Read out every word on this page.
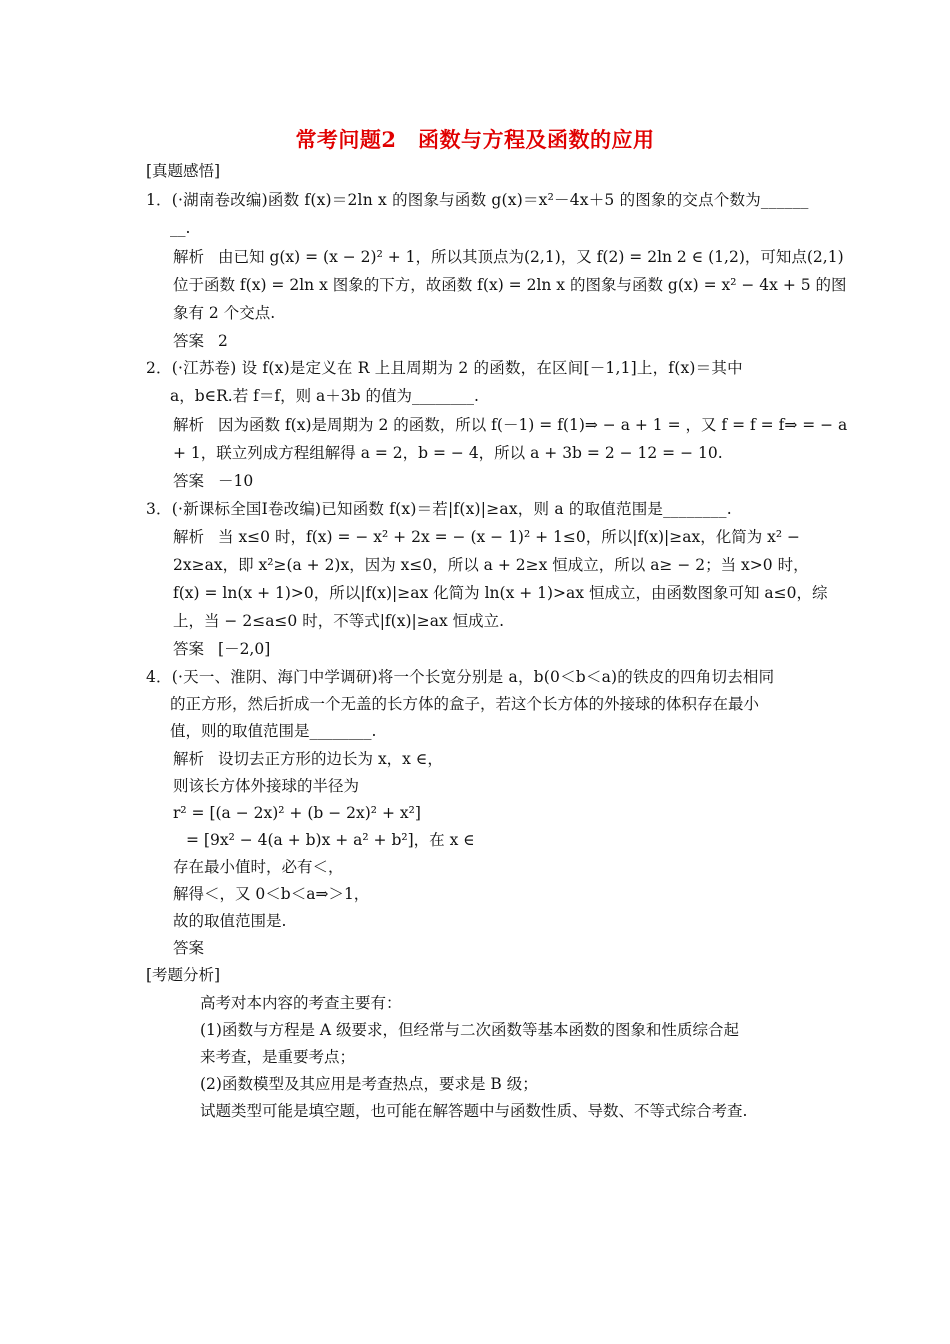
常考问题2　函数与方程及函数的应用
[真题感悟]
1．(·湖南卷改编)函数 f(x)＝2ln x 的图象与函数 g(x)＝x²－4x＋5 的图象的交点个数为______
__.
解析 由已知 g(x) = (x − 2)² + 1，所以其顶点为(2,1)，又 f(2) = 2ln 2 ∈ (1,2)，可知点(2,1)
位于函数 f(x) = 2ln x 图象的下方，故函数 f(x) = 2ln x 的图象与函数 g(x) = x² − 4x + 5 的图
象有 2 个交点.
答案 2
2．(·江苏卷) 设 f(x)是定义在 R 上且周期为 2 的函数，在区间[－1,1]上，f(x)＝其中
a，b∈R.若 f＝f，则 a＋3b 的值为________.
解析 因为函数 f(x)是周期为 2 的函数，所以 f(－1) = f(1)⇒ − a + 1 = ，又 f = f = f⇒ = − a
+ 1，联立列成方程组解得 a = 2，b = − 4，所以 a + 3b = 2 − 12 = − 10.
答案 －10
3．(·新课标全国Ⅰ卷改编)已知函数 f(x)＝若|f(x)|≥ax，则 a 的取值范围是________.
解析 当 x≤0 时，f(x) = − x² + 2x = − (x − 1)² + 1≤0，所以|f(x)|≥ax，化简为 x² −
2x≥ax，即 x²≥(a + 2)x，因为 x≤0，所以 a + 2≥x 恒成立，所以 a≥ − 2；当 x>0 时，
f(x) = ln(x + 1)>0，所以|f(x)|≥ax 化简为 ln(x + 1)>ax 恒成立，由函数图象可知 a≤0，综
上，当 − 2≤a≤0 时，不等式|f(x)|≥ax 恒成立.
答案 [－2,0]
4．(·天一、淮阴、海门中学调研)将一个长宽分别是 a，b(0＜b＜a)的铁皮的四角切去相同
的正方形，然后折成一个无盖的长方体的盒子，若这个长方体的外接球的体积存在最小
值，则的取值范围是________.
解析 设切去正方形的边长为 x，x ∈，
则该长方体外接球的半径为
r² = [(a − 2x)² + (b − 2x)² + x²]
= [9x² − 4(a + b)x + a² + b²]，在 x ∈
存在最小值时，必有＜，
解得＜，又 0＜b＜a⇒＞1，
故的取值范围是.
答案
[考题分析]
高考对本内容的考查主要有：
(1)函数与方程是 A 级要求，但经常与二次函数等基本函数的图象和性质综合起
来考查，是重要考点；
(2)函数模型及其应用是考查热点，要求是 B 级；
试题类型可能是填空题，也可能在解答题中与函数性质、导数、不等式综合考查.
